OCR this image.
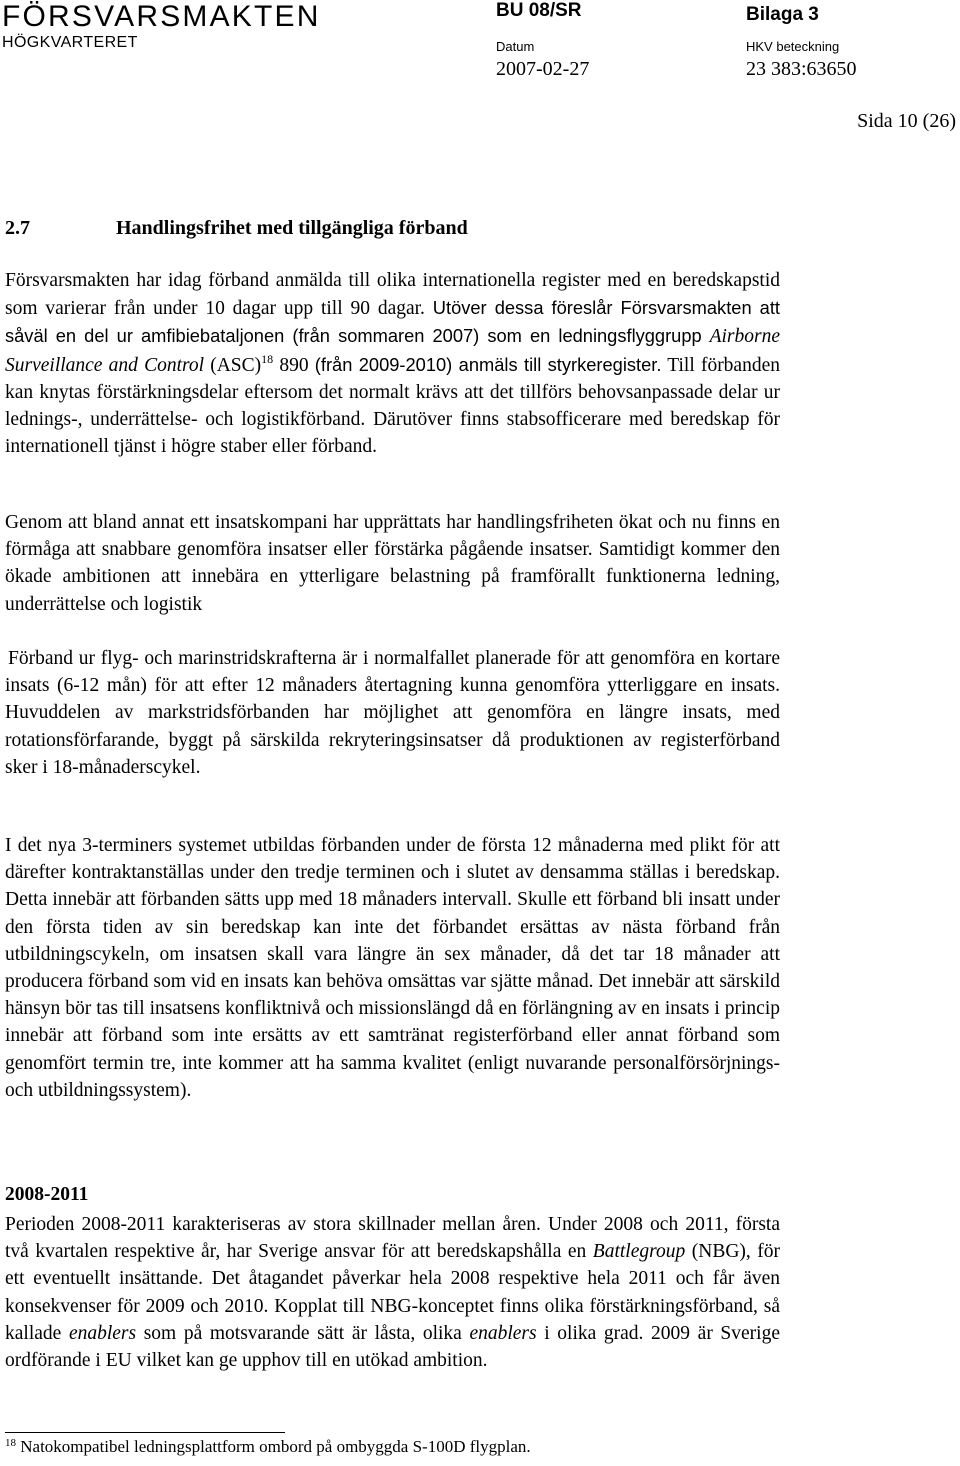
FÖRSVARSMAKTEN
HÖGKVARTERET
BU 08/SR	Bilaga 3
Datum	HKV beteckning
2007-02-27	23 383:63650
Sida 10 (26)
2.7	Handlingsfrihet med tillgängliga förband

Försvarsmakten har idag förband anmälda till olika internationella register med en beredskapstid som varierar från under 10 dagar upp till 90 dagar. Utöver dessa föreslår Försvarsmakten att såväl en del ur amfibiebataljonen (från sommaren 2007) som en ledningsflyggrupp Airborne Surveillance and Control (ASC)$^{18}$ 890 (från 2009-2010) anmäls till styrkeregister. Till förbanden kan knytas förstärkningsdelar eftersom det normalt krävs att det tillförs behovsanpassade delar ur lednings-, underrättelse- och logistikförband. Därutöver finns stabsofficerare med beredskap för internationell tjänst i högre staber eller förband.

Genom att bland annat ett insatskompani har upprättats har handlingsfriheten ökat och nu finns en förmåga att snabbare genomföra insatser eller förstärka pågående insatser. Samtidigt kommer den ökade ambitionen att innebära en ytterligare belastning på framförallt funktionerna ledning, underrättelse och logistik

Förband ur flyg- och marinstridskrafterna är i normalfallet planerade för att genomföra en kortare insats (6-12 mån) för att efter 12 månaders återtagning kunna genomföra ytterliggare en insats. Huvuddelen av markstridsförbanden har möjlighet att genomföra en längre insats, med rotationsförfarande, byggt på särskilda rekryteringsinsatser då produktionen av registerförband sker i 18-månaderscykel.

I det nya 3-terminers systemet utbildas förbanden under de första 12 månaderna med plikt för att därefter kontraktanställas under den tredje terminen och i slutet av densamma ställas i beredskap. Detta innebär att förbanden sätts upp med 18 månaders intervall. Skulle ett förband bli insatt under den första tiden av sin beredskap kan inte det förbandet ersättas av nästa förband från utbildningscykeln, om insatsen skall vara längre än sex månader, då det tar 18 månader att producera förband som vid en insats kan behöva omsättas var sjätte månad. Det innebär att särskild hänsyn bör tas till insatsens konfliktnivå och missionslängd då en förlängning av en insats i princip innebär att förband som inte ersätts av ett samtränat registerförband eller annat förband som genomfört termin tre, inte kommer att ha samma kvalitet (enligt nuvarande personalförsörjnings- och utbildningssystem).

2008-2011

Perioden 2008-2011 karakteriseras av stora skillnader mellan åren. Under 2008 och 2011, första två kvartalen respektive år, har Sverige ansvar för att beredskapshålla en Battlegroup (NBG), för ett eventuellt insättande. Det åtagandet påverkar hela 2008 respektive hela 2011 och får även konsekvenser för 2009 och 2010. Kopplat till NBG-konceptet finns olika förstärkningsförband, så kallade enablers som på motsvarande sätt är låsta, olika enablers i olika grad. 2009 är Sverige ordförande i EU vilket kan ge upphov till en utökad ambition.

$^{18}$ Natokompatibel ledningsplattform ombord på ombyggda S-100D flygplan.
